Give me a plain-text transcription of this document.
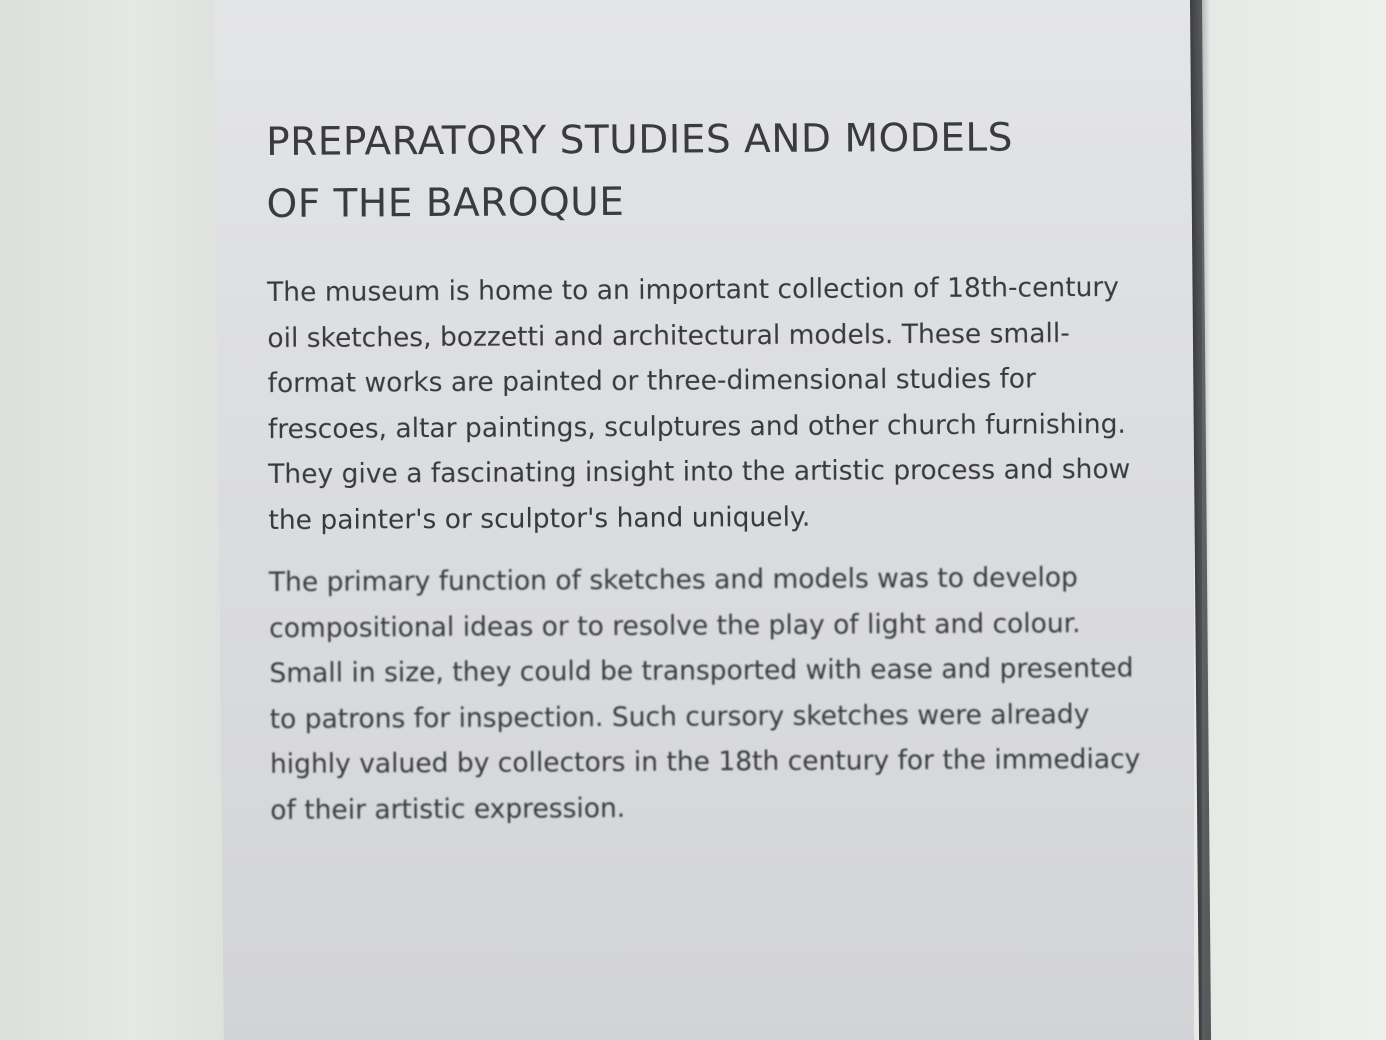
PREPARATORY STUDIES AND MODELS
OF THE BAROQUE
The museum is home to an important collection of 18th-century
oil sketches, bozzetti and architectural models. These small-
format works are painted or three-dimensional studies for
frescoes, altar paintings, sculptures and other church furnishing.
They give a fascinating insight into the artistic process and show
the painter's or sculptor's hand uniquely.
The primary function of sketches and models was to develop
compositional ideas or to resolve the play of light and colour.
Small in size, they could be transported with ease and presented
to patrons for inspection. Such cursory sketches were already
highly valued by collectors in the 18th century for the immediacy
of their artistic expression.
